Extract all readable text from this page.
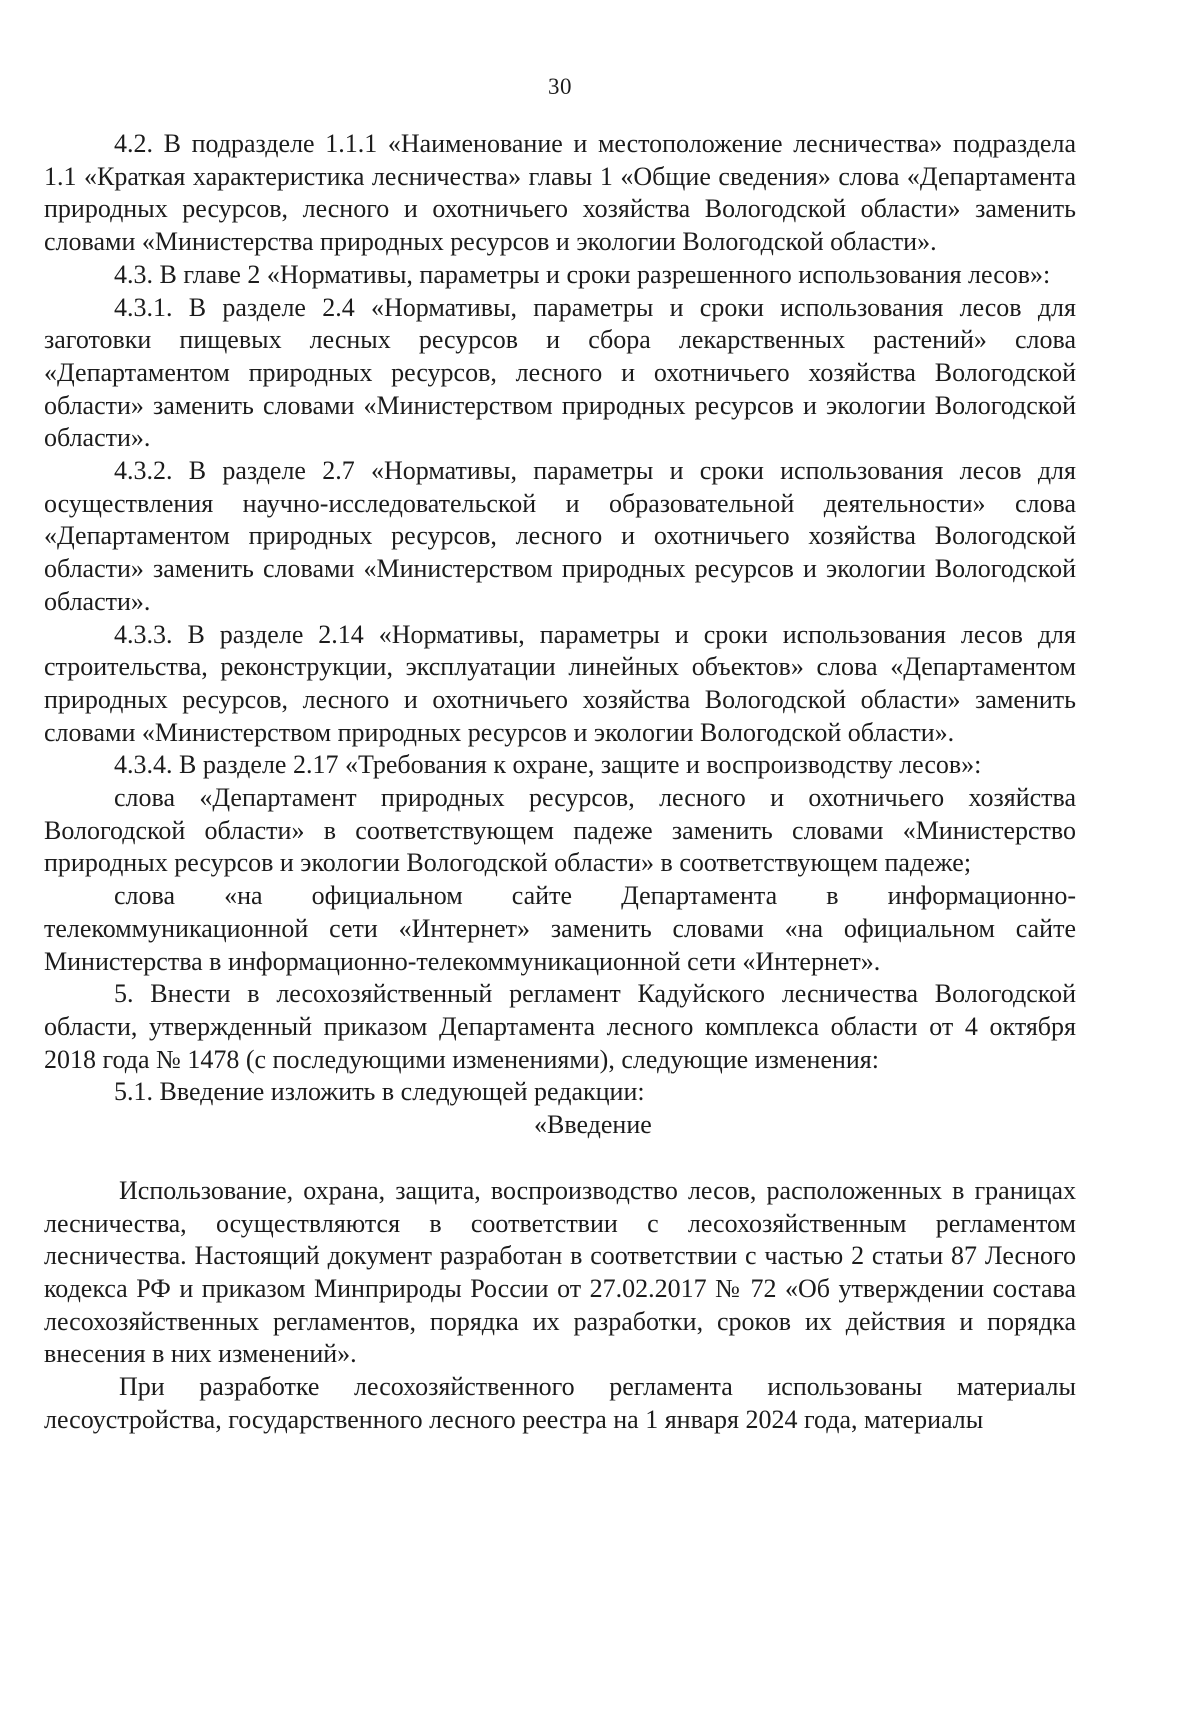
30

4.2. В подразделе 1.1.1 «Наименование и местоположение лесничества» подраздела 1.1 «Краткая характеристика лесничества» главы 1 «Общие сведения» слова «Департамента природных ресурсов, лесного и охотничьего хозяйства Вологодской области» заменить словами «Министерства природных ресурсов и экологии Вологодской области».

4.3. В главе 2 «Нормативы, параметры и сроки разрешенного использования лесов»:

4.3.1. В разделе 2.4 «Нормативы, параметры и сроки использования лесов для заготовки пищевых лесных ресурсов и сбора лекарственных растений» слова «Департаментом природных ресурсов, лесного и охотничьего хозяйства Вологодской области» заменить словами «Министерством природных ресурсов и экологии Вологодской области».

4.3.2. В разделе 2.7 «Нормативы, параметры и сроки использования лесов для осуществления научно-исследовательской и образовательной деятельности» слова «Департаментом природных ресурсов, лесного и охотничьего хозяйства Вологодской области» заменить словами «Министерством природных ресурсов и экологии Вологодской области».

4.3.3. В разделе 2.14 «Нормативы, параметры и сроки использования лесов для строительства, реконструкции, эксплуатации линейных объектов» слова «Департаментом природных ресурсов, лесного и охотничьего хозяйства Вологодской области» заменить словами «Министерством природных ресурсов и экологии Вологодской области».

4.3.4. В разделе 2.17 «Требования к охране, защите и воспроизводству лесов»:

слова «Департамент природных ресурсов, лесного и охотничьего хозяйства Вологодской области» в соответствующем падеже заменить словами «Министерство природных ресурсов и экологии Вологодской области» в соответствующем падеже;

слова «на официальном сайте Департамента в информационно-телекоммуникационной сети «Интернет» заменить словами «на официальном сайте Министерства в информационно-телекоммуникационной сети «Интернет».

5. Внести в лесохозяйственный регламент Кадуйского лесничества Вологодской области, утвержденный приказом Департамента лесного комплекса области от 4 октября 2018 года № 1478 (с последующими изменениями), следующие изменения:

5.1. Введение изложить в следующей редакции:

«Введение

Использование, охрана, защита, воспроизводство лесов, расположенных в границах лесничества, осуществляются в соответствии с лесохозяйственным регламентом лесничества. Настоящий документ разработан в соответствии с частью 2 статьи 87 Лесного кодекса РФ и приказом Минприроды России от 27.02.2017 № 72 «Об утверждении состава лесохозяйственных регламентов, порядка их разработки, сроков их действия и порядка внесения в них изменений».

При разработке лесохозяйственного регламента использованы материалы лесоустройства, государственного лесного реестра на 1 января 2024 года, материалы
